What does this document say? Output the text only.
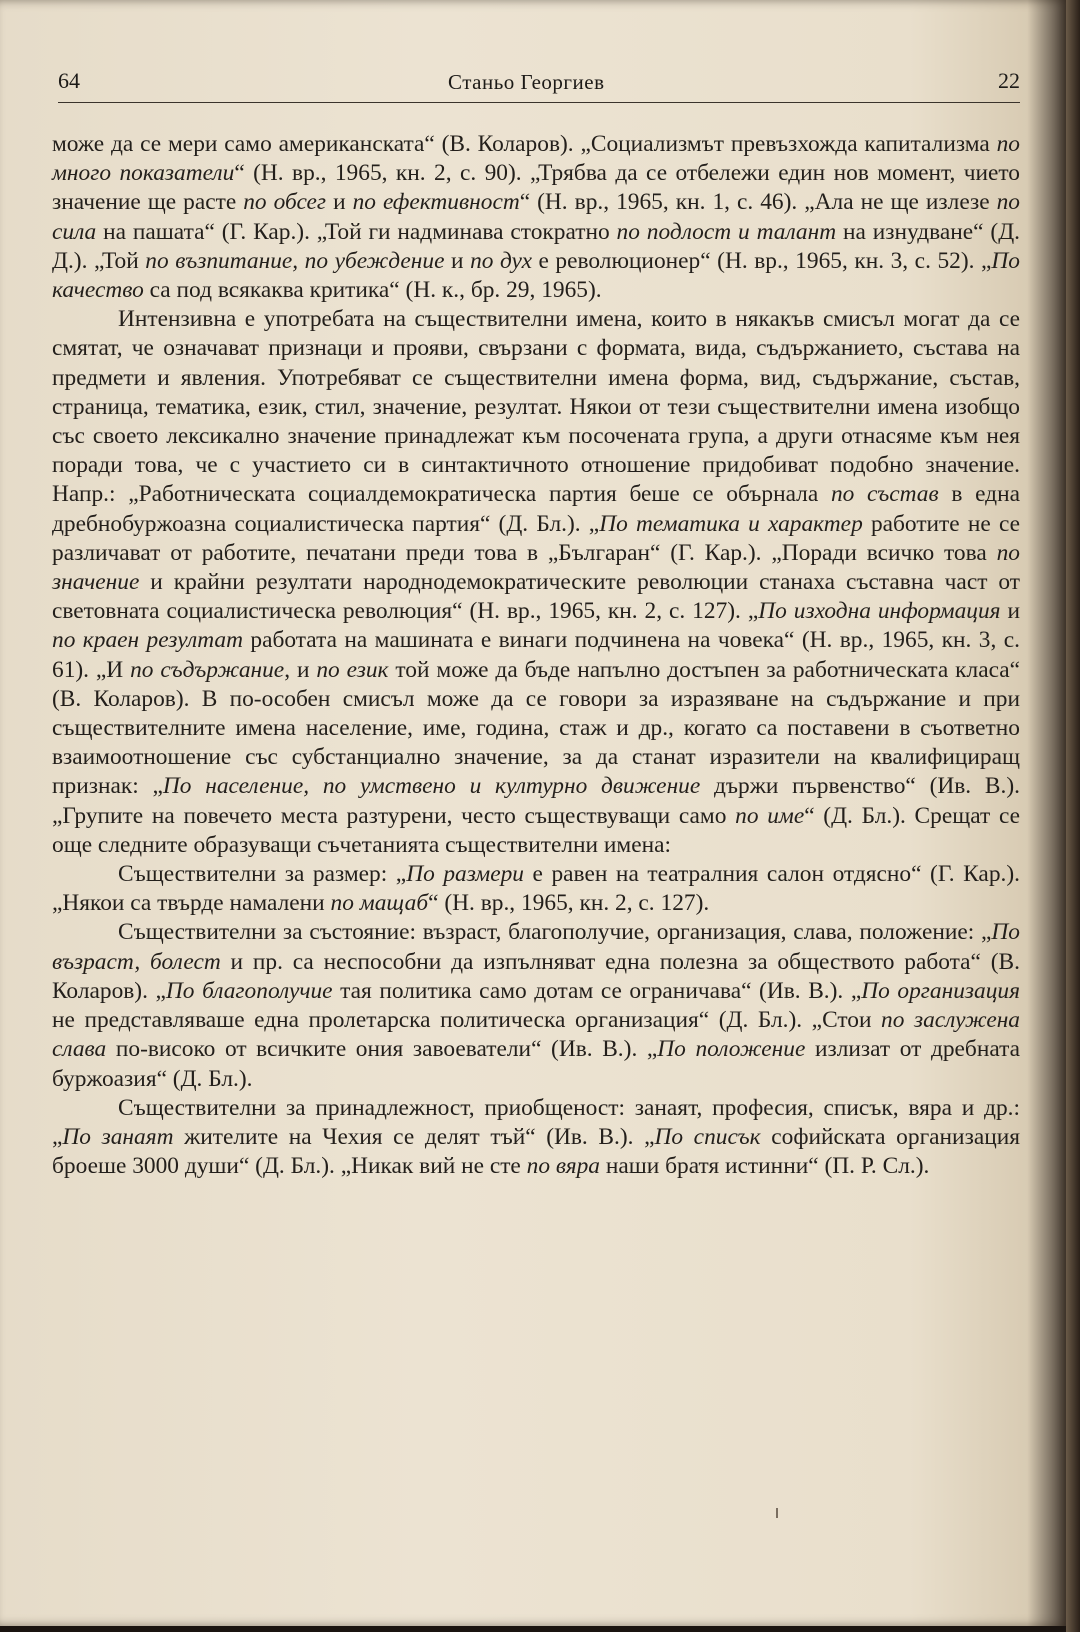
64	Станьо Георгиев	22

може да се мери само американската“ (В. Коларов). „Социализмът превъзхожда капитализма по много показатели“ (Н. вр., 1965, кн. 2, с. 90). „Трябва да се отбележи един нов момент, чието значение ще расте по обсег и по ефективност“ (Н. вр., 1965, кн. 1, с. 46). „Ала не ще излезе по сила на пашата“ (Г. Кар.). „Той ги надминава стократно по подлост и талант на изнудване“ (Д. Д.). „Той по възпитание, по убеждение и по дух е революционер“ (Н. вр., 1965, кн. 3, с. 52). „По качество са под всякаква критика“ (Н. к., бр. 29, 1965).

Интензивна е употребата на съществителни имена, които в някакъв смисъл могат да се смятат, че означават признаци и прояви, свързани с формата, вида, съдържанието, състава на предмети и явления. Употребяват се съществителни имена форма, вид, съдържание, състав, страница, тематика, език, стил, значение, резултат. Някои от тези съществителни имена изобщо със своето лексикално значение принадлежат към посочената група, а други отнасяме към нея поради това, че с участието си в синтактичното отношение придобиват подобно значение. Напр.: „Работническата социалдемократическа партия беше се обърнала по състав в една дребнобуржоазна социалистическа партия“ (Д. Бл.). „По тематика и характер работите не се различават от работите, печатани преди това в „Българан“ (Г. Кар.). „Поради всичко това по значение и крайни резултати народнодемократическите революции станаха съставна част от световната социалистическа революция“ (Н. вр., 1965, кн. 2, с. 127). „По изходна информация и по краен резултат работата на машината е винаги подчинена на човека“ (Н. вр., 1965, кн. 3, с. 61). „И по съдържание, и по език той може да бъде напълно достъпен за работническата класа“ (В. Коларов). В по-особен смисъл може да се говори за изразяване на съдържание и при съществителните имена население, име, година, стаж и др., когато са поставени в съответно взаимоотношение със субстанциално значение, за да станат изразители на квалифициращ признак: „По население, по умствено и културно движение държи първенство“ (Ив. В.). „Групите на повечето места разтурени, често съществуващи само по име“ (Д. Бл.). Срещат се още следните образуващи съчетанията съществителни имена:

Съществителни за размер: „По размери е равен на театралния салон отдясно“ (Г. Кар.). „Някои са твърде намалени по мащаб“ (Н. вр., 1965, кн. 2, с. 127).

Съществителни за състояние: възраст, благополучие, организация, слава, положение: „По възраст, болест и пр. са неспособни да изпълняват една полезна за обществото работа“ (В. Коларов). „По благополучие тая политика само дотам се ограничава“ (Ив. В.). „По организация не представляваше една пролетарска политическа организация“ (Д. Бл.). „Стои по заслужена слава по-високо от всичките ония завоеватели“ (Ив. В.). „По положение излизат от дребната буржоазия“ (Д. Бл.).

Съществителни за принадлежност, приобщеност: занаят, професия, списък, вяра и др.: „По занаят жителите на Чехия се делят тъй“ (Ив. В.). „По списък софийската организация броеше 3000 души“ (Д. Бл.). „Никак вий не сте по вяра наши братя истинни“ (П. Р. Сл.).
